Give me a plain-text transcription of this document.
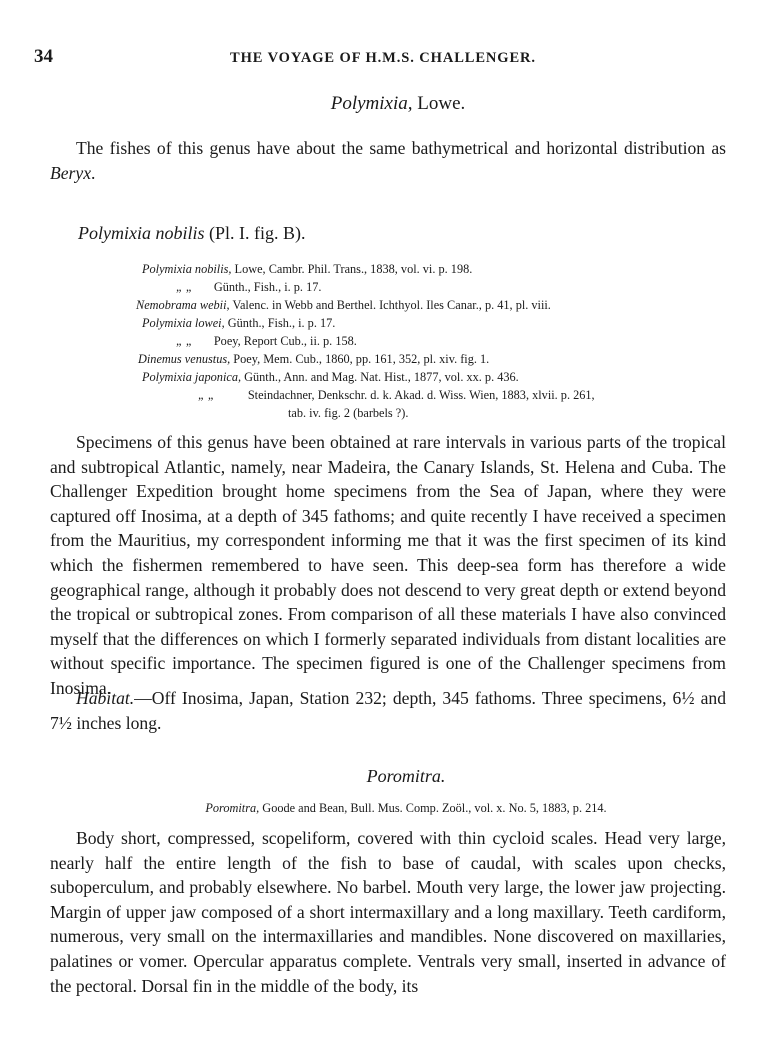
34	THE VOYAGE OF H.M.S. CHALLENGER.
Polymixia, Lowe.

The fishes of this genus have about the same bathymetrical and horizontal distribution as Beryx.

Polymixia nobilis (Pl. I. fig. B).
Polymixia nobilis, Lowe, Cambr. Phil. Trans., 1838, vol. vi. p. 198.
„ „ Günth., Fish., i. p. 17.
Nemobrama webii, Valenc. in Webb and Berthel. Ichthyol. Iles Canar., p. 41, pl. viii.
Polymixia lowei, Günth., Fish., i. p. 17.
„ „ Poey, Report Cub., ii. p. 158.
Dinemus venustus, Poey, Mem. Cub., 1860, pp. 161, 352, pl. xiv. fig. 1.
Polymixia japonica, Günth., Ann. and Mag. Nat. Hist., 1877, vol. xx. p. 436.
„ „ Steindachner, Denkschr. d. k. Akad. d. Wiss. Wien, 1883, xlvii. p. 261,
tab. iv. fig. 2 (barbels ?).

Specimens of this genus have been obtained at rare intervals in various parts of the tropical and subtropical Atlantic, namely, near Madeira, the Canary Islands, St. Helena and Cuba. The Challenger Expedition brought home specimens from the Sea of Japan, where they were captured off Inosima, at a depth of 345 fathoms; and quite recently I have received a specimen from the Mauritius, my correspondent informing me that it was the first specimen of its kind which the fishermen remembered to have seen. This deep-sea form has therefore a wide geographical range, although it probably does not descend to very great depth or extend beyond the tropical or subtropical zones. From comparison of all these materials I have also convinced myself that the differences on which I formerly separated individuals from distant localities are without specific importance. The specimen figured is one of the Challenger specimens from Inosima.

Habitat.—Off Inosima, Japan, Station 232; depth, 345 fathoms. Three specimens, 6½ and 7½ inches long.

Poromitra.
Poromitra, Goode and Bean, Bull. Mus. Comp. Zoöl., vol. x. No. 5, 1883, p. 214.

Body short, compressed, scopeliform, covered with thin cycloid scales. Head very large, nearly half the entire length of the fish to base of caudal, with scales upon checks, suboperculum, and probably elsewhere. No barbel. Mouth very large, the lower jaw projecting. Margin of upper jaw composed of a short intermaxillary and a long maxillary. Teeth cardiform, numerous, very small on the intermaxillaries and mandibles. None discovered on maxillaries, palatines or vomer. Opercular apparatus complete. Ventrals very small, inserted in advance of the pectoral. Dorsal fin in the middle of the body, its
